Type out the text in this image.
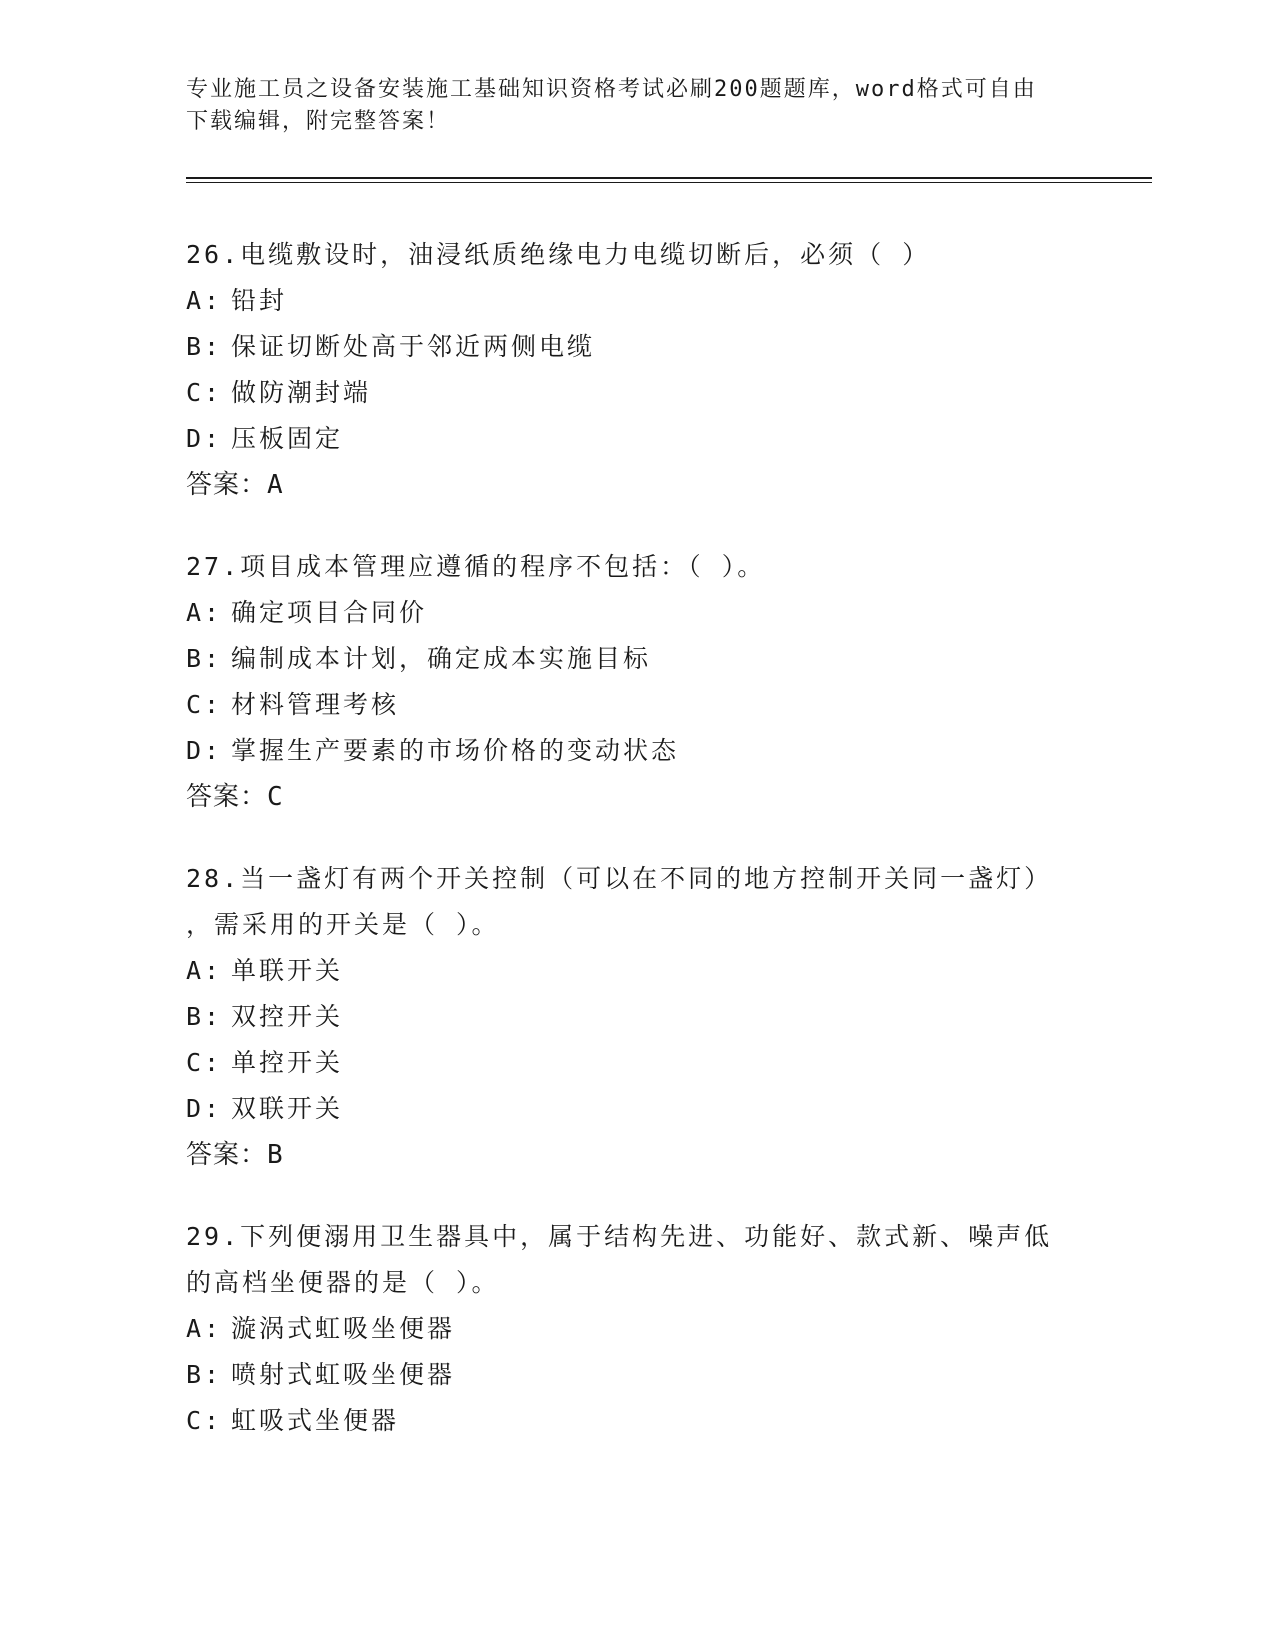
专业施工员之设备安装施工基础知识资格考试必刷200题题库，word格式可自由
下载编辑，附完整答案！
26.电缆敷设时，油浸纸质绝缘电力电缆切断后，必须（ ）
A: 铅封
B: 保证切断处高于邻近两侧电缆
C: 做防潮封端
D: 压板固定
答案：A
27.项目成本管理应遵循的程序不包括：（ ）。
A: 确定项目合同价
B: 编制成本计划，确定成本实施目标
C: 材料管理考核
D: 掌握生产要素的市场价格的变动状态
答案：C
28.当一盏灯有两个开关控制（可以在不同的地方控制开关同一盏灯）
，需采用的开关是（ ）。
A: 单联开关
B: 双控开关
C: 单控开关
D: 双联开关
答案：B
29.下列便溺用卫生器具中，属于结构先进、功能好、款式新、噪声低
的高档坐便器的是（ ）。
A: 漩涡式虹吸坐便器
B: 喷射式虹吸坐便器
C: 虹吸式坐便器
